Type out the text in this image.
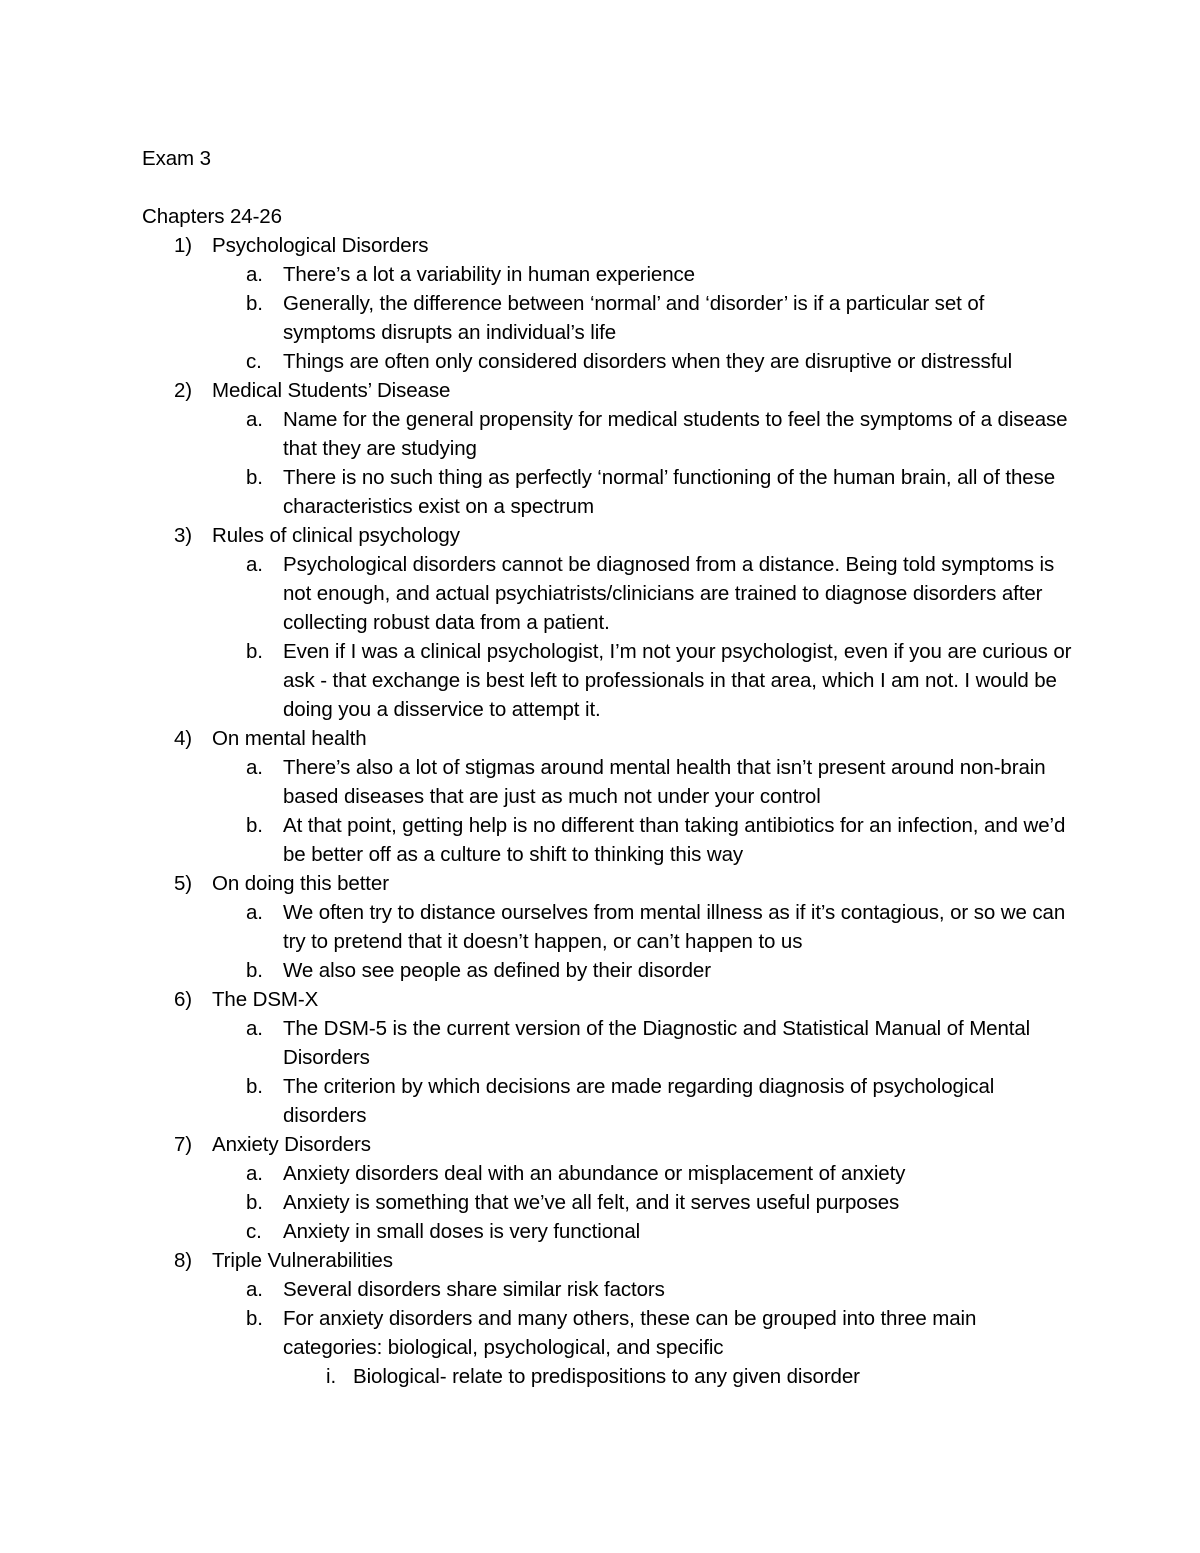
Exam 3
Chapters 24-26
1) Psychological Disorders
a. There’s a lot a variability in human experience
b. Generally, the difference between ‘normal’ and ‘disorder’ is if a particular set of symptoms disrupts an individual’s life
c.	Things are often only considered disorders when they are disruptive or distressful
2) Medical Students’ Disease
a. Name for the general propensity for medical students to feel the symptoms of a disease that they are studying
b. There is no such thing as perfectly ‘normal’ functioning of the human brain, all of these characteristics exist on a spectrum
3) Rules of clinical psychology
a. Psychological disorders cannot be diagnosed from a distance. Being told symptoms is not enough, and actual psychiatrists/clinicians are trained to diagnose disorders after collecting robust data from a patient.
b. Even if I was a clinical psychologist, I’m not your psychologist, even if you are curious or ask - that exchange is best left to professionals in that area, which I am not. I would be doing you a disservice to attempt it.
4) On mental health
a. There’s also a lot of stigmas around mental health that isn’t present around non-brain based diseases that are just as much not under your control
b. At that point, getting help is no different than taking antibiotics for an infection, and we’d be better off as a culture to shift to thinking this way
5) On doing this better
a. We often try to distance ourselves from mental illness as if it’s contagious, or so we can try to pretend that it doesn’t happen, or can’t happen to us
b. We also see people as defined by their disorder
6) The DSM-X
a. The DSM-5 is the current version of the Diagnostic and Statistical Manual of Mental Disorders
b. The criterion by which decisions are made regarding diagnosis of psychological disorders
7) Anxiety Disorders
a. Anxiety disorders deal with an abundance or misplacement of anxiety
b. Anxiety is something that we’ve all felt, and it serves useful purposes
c.	Anxiety in small doses is very functional
8) Triple Vulnerabilities
a. Several disorders share similar risk factors
b. For anxiety disorders and many others, these can be grouped into three main categories: biological, psychological, and specific
i. Biological- relate to predispositions to any given disorder
